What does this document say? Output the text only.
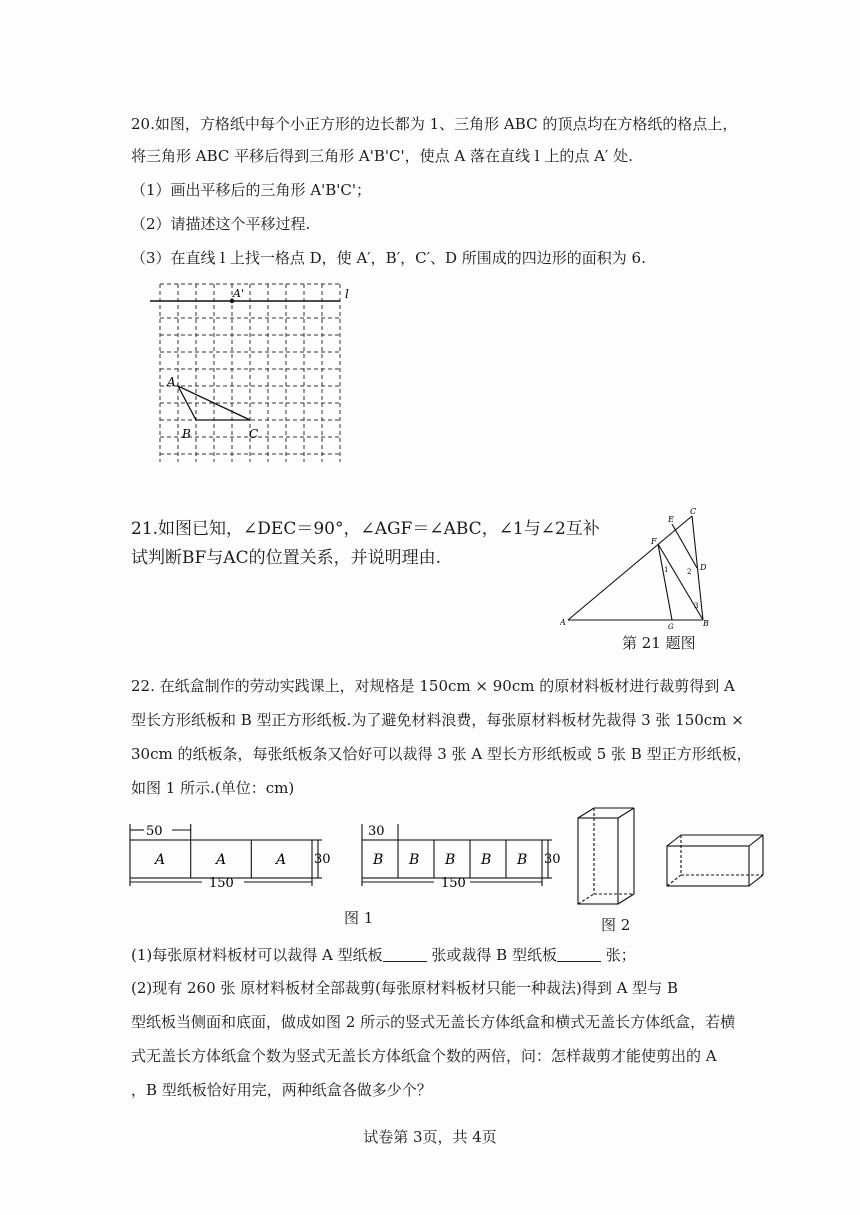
20.如图，方格纸中每个小正方形的边长都为 1、三角形 ABC 的顶点均在方格纸的格点上，
将三角形 ABC 平移后得到三角形 A'B'C'，使点 A 落在直线 l 上的点 A′ 处.
（1）画出平移后的三角形 A'B'C'；
（2）请描述这个平移过程.
（3）在直线 l 上找一格点 D，使 A′，B′，C′、D 所围成的四边形的面积为 6.
A'	l
A
B	C
21.如图已知，∠DEC＝90°，∠AGF＝∠ABC，∠1与∠2互补
试判断BF与AC的位置关系，并说明理由.
A	B
C
D
E
F
G
1	2
3
第 21 题图
22. 在纸盒制作的劳动实践课上，对规格是 150cm × 90cm 的原材料板材进行裁剪得到 A
型长方形纸板和 B 型正方形纸板.为了避免材料浪费，每张原材料板材先裁得 3 张 150cm ×
30cm 的纸板条，每张纸板条又恰好可以裁得 3 张 A 型长方形纸板或 5 张 B 型正方形纸板，
如图 1 所示.(单位：cm)
50
30
150
A	A	A
30
30
150
B B B B B
图 1	图 2
(1)每张原材料板材可以裁得 A 型纸板	张或裁得 B 型纸板	张；
(2)现有 260 张 原材料板材全部裁剪(每张原材料板材只能一种裁法)得到 A 型与 B
型纸板当侧面和底面，做成如图 2 所示的竖式无盖长方体纸盒和横式无盖长方体纸盒，若横
式无盖长方体纸盒个数为竖式无盖长方体纸盒个数的两倍，问：怎样裁剪才能使剪出的 A
，B 型纸板恰好用完，两种纸盒各做多少个？
试卷第 3页，共 4页
